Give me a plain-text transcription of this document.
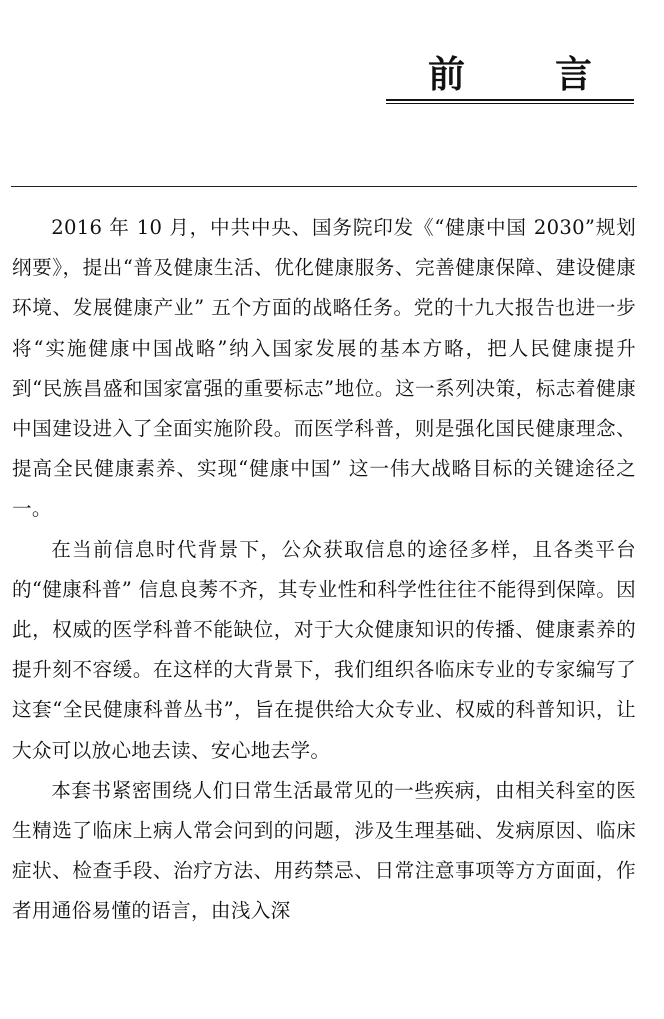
前 言

2016 年 10 月，中共中央、国务院印发《“健康中国 2030”规划纲要》，提出“普及健康生活、优化健康服务、完善健康保障、建设健康环境、发展健康产业” 五个方面的战略任务。党的十九大报告也进一步将“实施健康中国战略”纳入国家发展的基本方略，把人民健康提升到“民族昌盛和国家富强的重要标志”地位。这一系列决策，标志着健康中国建设进入了全面实施阶段。而医学科普，则是强化国民健康理念、提高全民健康素养、实现“健康中国” 这一伟大战略目标的关键途径之一。

在当前信息时代背景下，公众获取信息的途径多样，且各类平台的“健康科普” 信息良莠不齐，其专业性和科学性往往不能得到保障。因此，权威的医学科普不能缺位，对于大众健康知识的传播、健康素养的提升刻不容缓。在这样的大背景下，我们组织各临床专业的专家编写了这套“全民健康科普丛书”，旨在提供给大众专业、权威的科普知识，让大众可以放心地去读、安心地去学。

本套书紧密围绕人们日常生活最常见的一些疾病，由相关科室的医生精选了临床上病人常会问到的问题，涉及生理基础、发病原因、临床症状、检查手段、治疗方法、用药禁忌、日常注意事项等方方面面，作者用通俗易懂的语言，由浅入深
